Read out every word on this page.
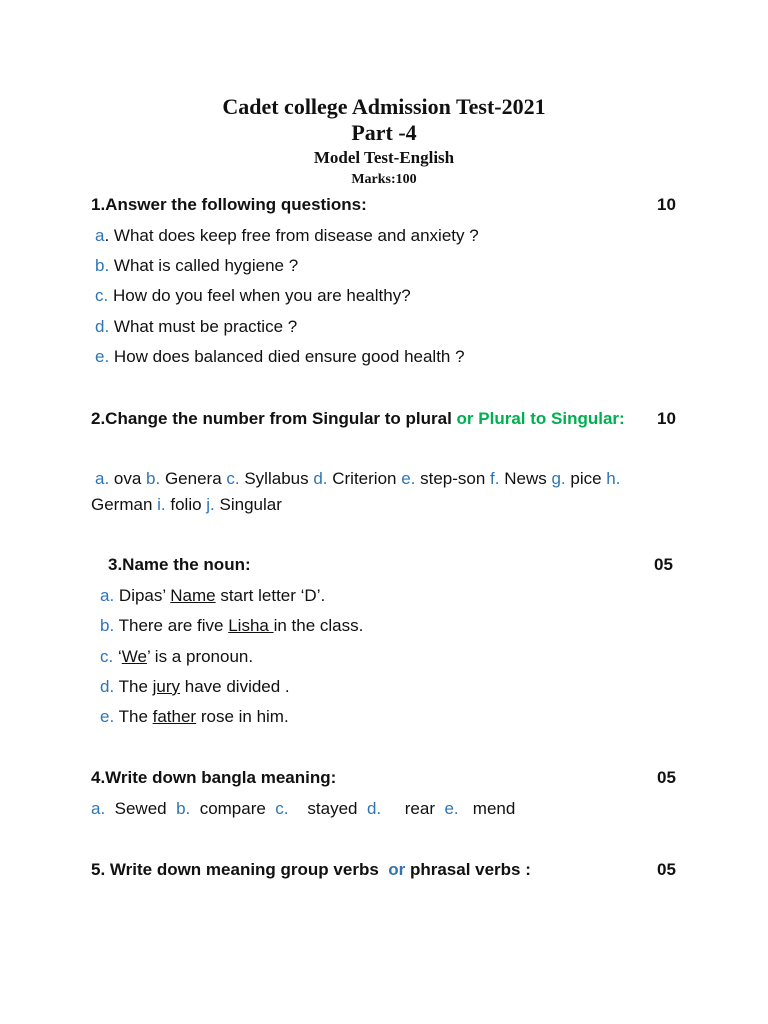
Cadet college Admission Test-2021
Part -4
Model Test-English
Marks:100
1.Answer the following questions:	10
a. What does keep free from disease and anxiety ?
b. What is called hygiene ?
c. How do you feel when you are healthy?
d. What must be practice ?
e. How does balanced died ensure good health ?
2.Change the number from Singular to plural or Plural to Singular: 10
a. ova b. Genera c. Syllabus d. Criterion e. step-son f. News g. pice h.
German i. folio j. Singular
3.Name the noun:	05
a. Dipas’ Name start letter ‘D’.
b. There are five Lisha in the class.
c. ‘We’ is a pronoun.
d. The jury have divided .
e. The father rose in him.
4.Write down bangla meaning:	05
a.  Sewed  b.  compare  c.    stayed  d.     rear  e.   mend
5. Write down meaning group verbs  or phrasal verbs :	05
